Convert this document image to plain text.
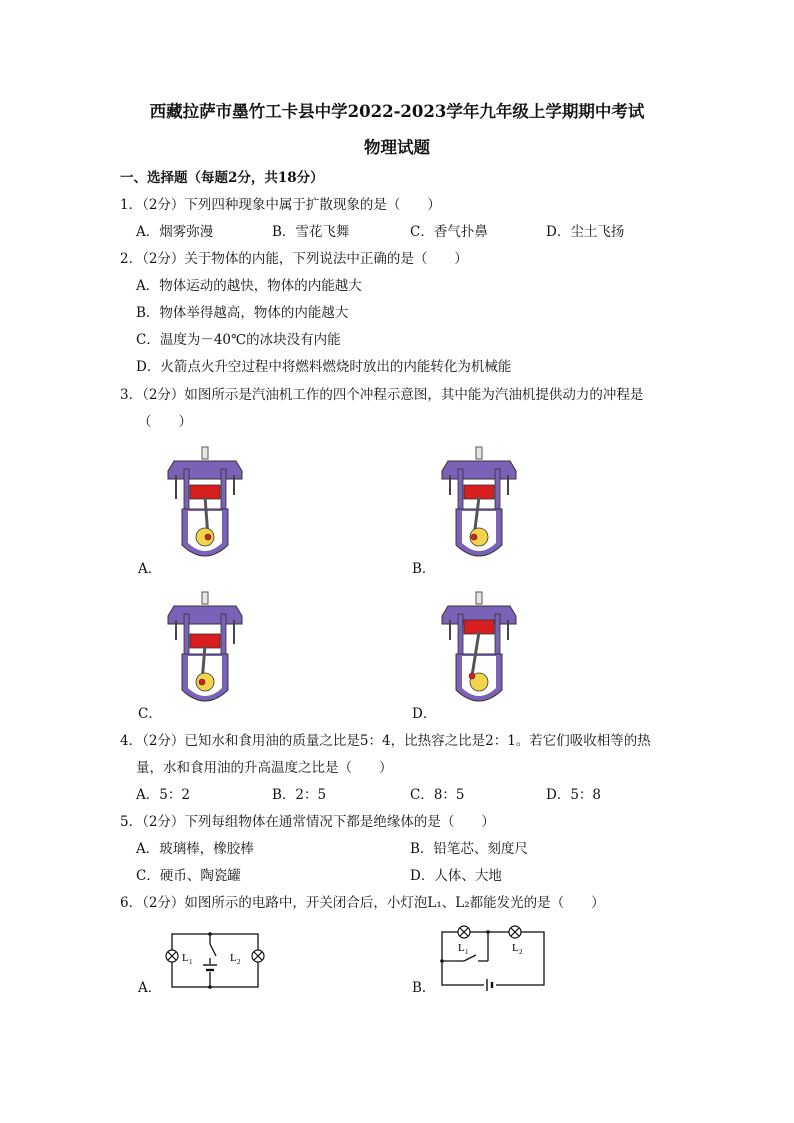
西藏拉萨市墨竹工卡县中学2022-2023学年九年级上学期期中考试
物理试题
一、选择题（每题2分，共18分）
1．（2分）下列四种现象中属于扩散现象的是（　　）
A．烟雾弥漫	B．雪花飞舞	C．香气扑鼻	D．尘土飞扬
2．（2分）关于物体的内能，下列说法中正确的是（　　）
A．物体运动的越快，物体的内能越大
B．物体举得越高，物体的内能越大
C．温度为－40℃的冰块没有内能
D．火箭点火升空过程中将燃料燃烧时放出的内能转化为机械能
3．（2分）如图所示是汽油机工作的四个冲程示意图，其中能为汽油机提供动力的冲程是
（　　）
A．	B．
C．	D．
4．（2分）已知水和食用油的质量之比是5：4，比热容之比是2：1。若它们吸收相等的热
量，水和食用油的升高温度之比是（　　）
A．5：2	B．2：5	C．8：5	D．5：8
5．（2分）下列每组物体在通常情况下都是绝缘体的是（　　）
A．玻璃棒，橡胶棒	B．铅笔芯、刻度尺
C．硬币、陶瓷罐	D．人体、大地
6．（2分）如图所示的电路中，开关闭合后，小灯泡L₁、L₂都能发光的是（　　）
L 1	L 2
L 1	L 2
A．	B．
